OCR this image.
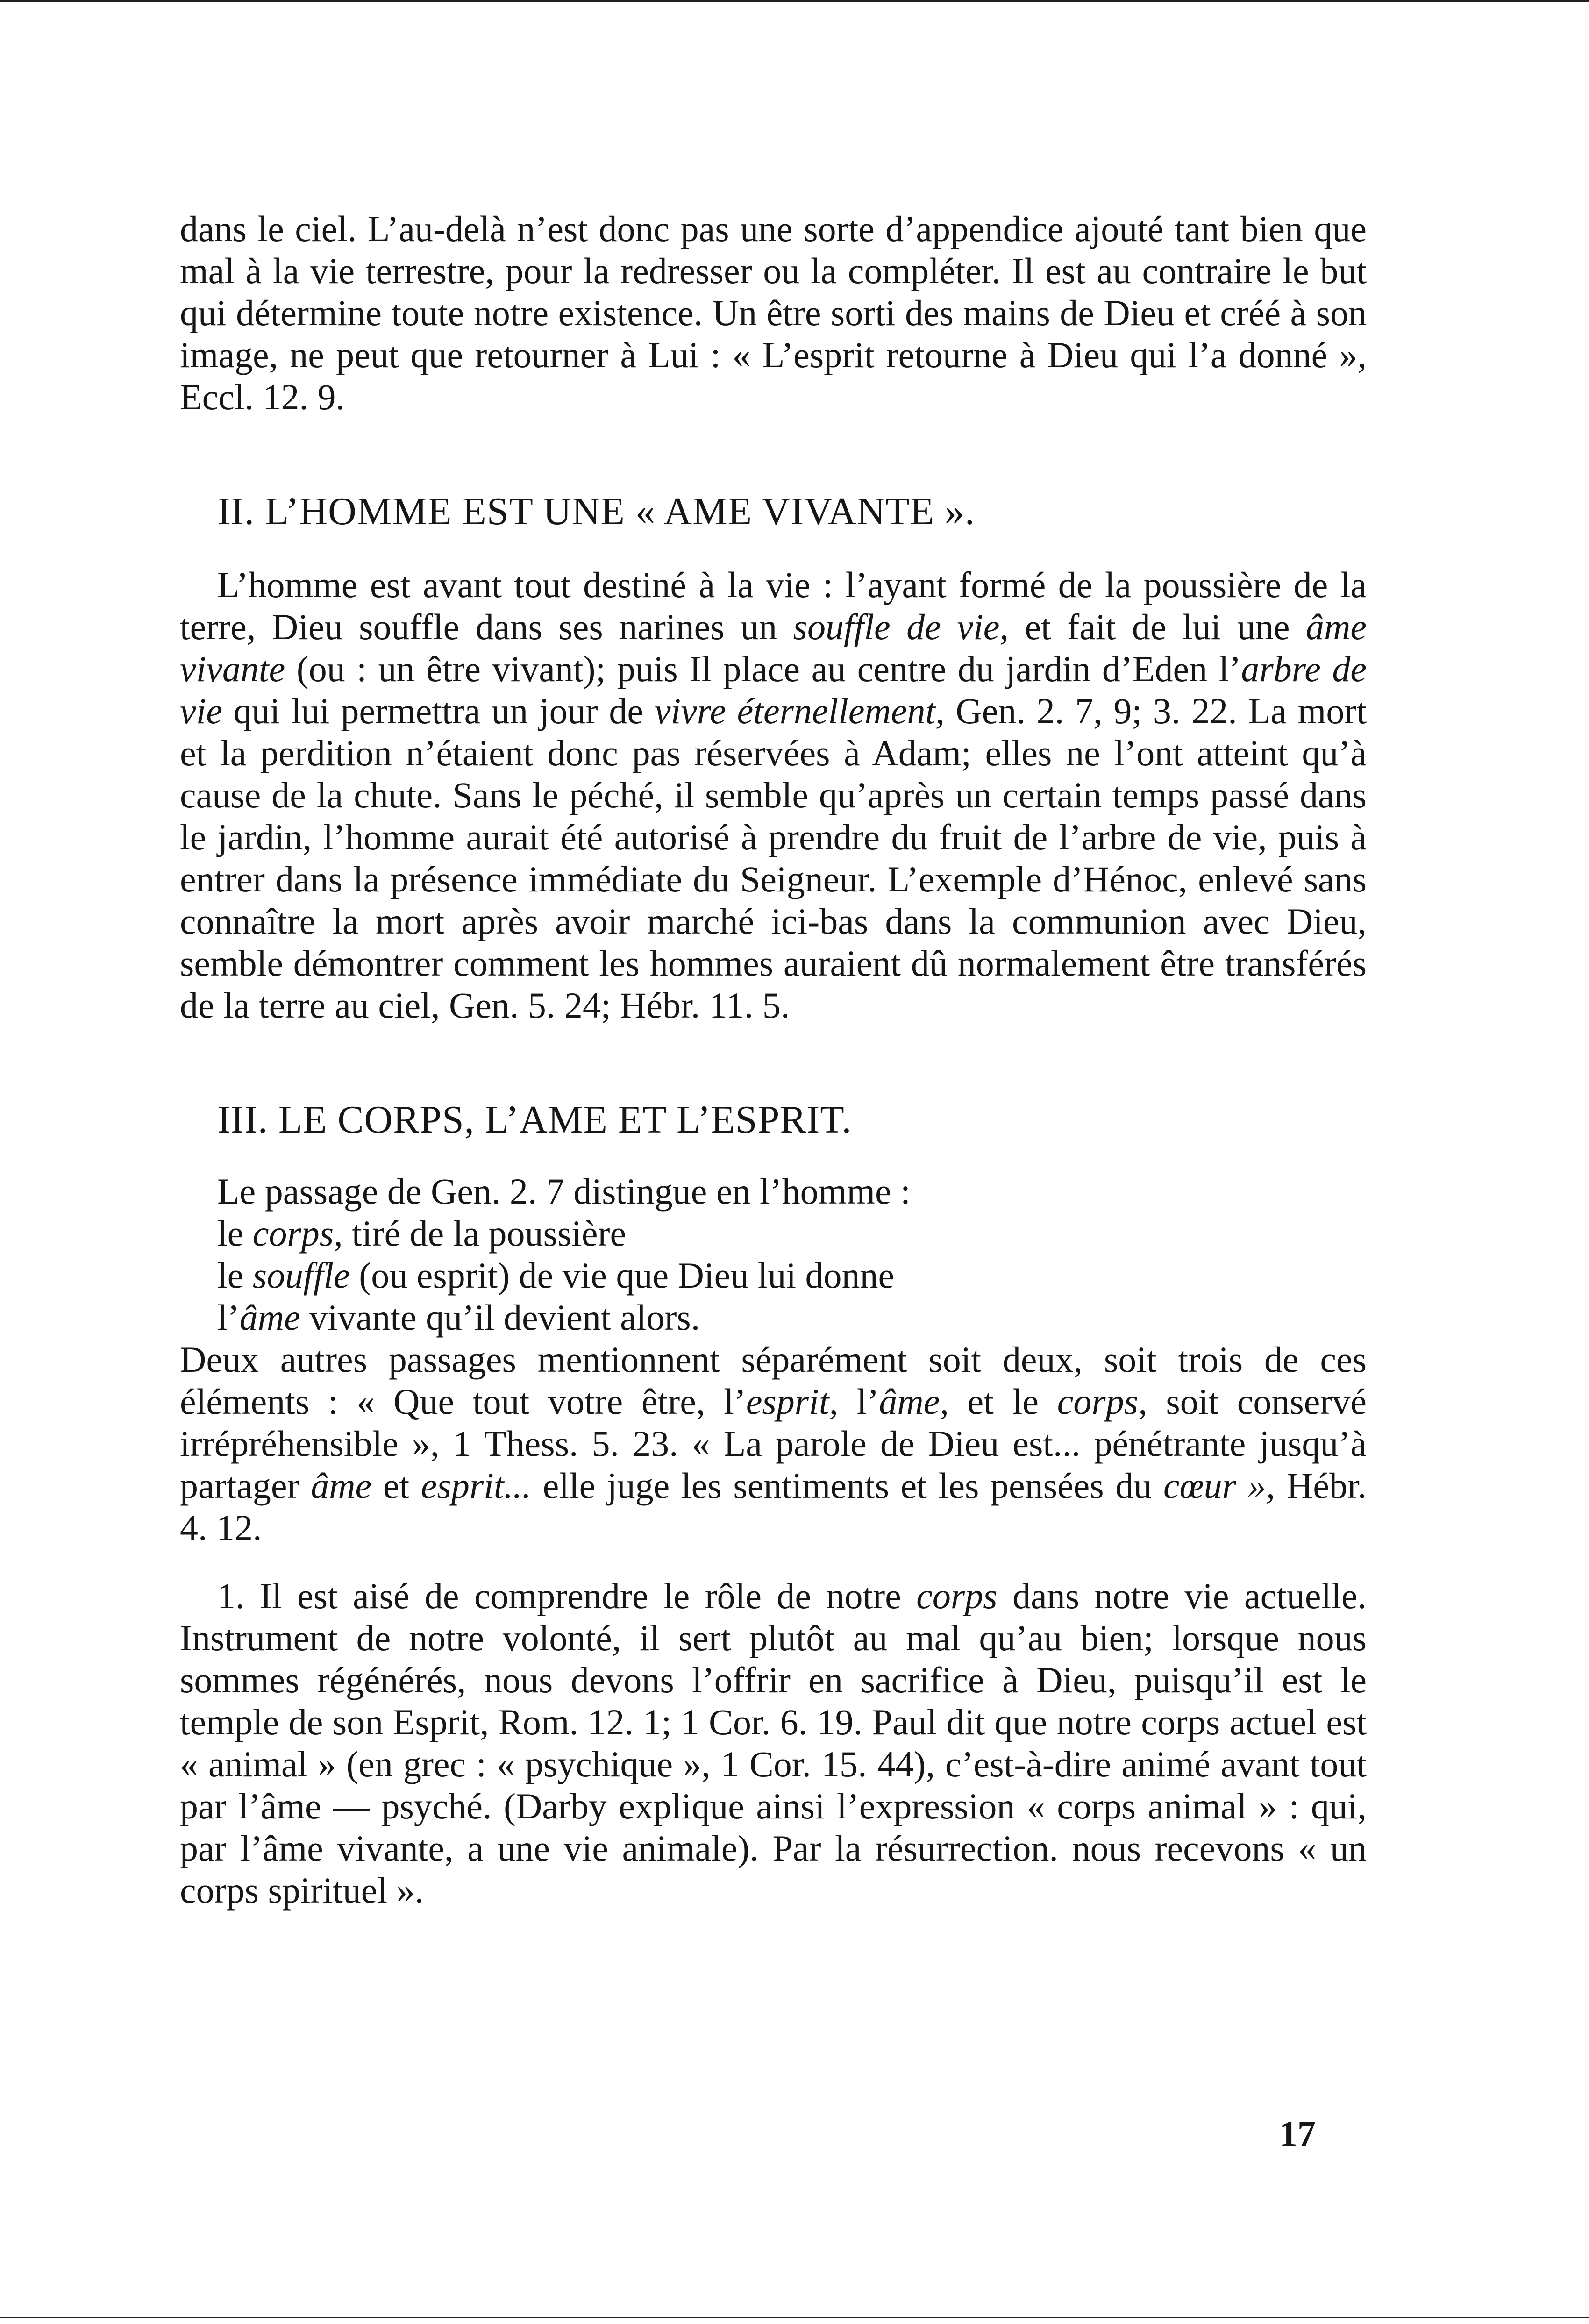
dans le ciel. L’au-delà n’est donc pas une sorte d’appendice ajouté tant bien que mal à la vie terrestre, pour la redresser ou la compléter. Il est au contraire le but qui détermine toute notre existence. Un être sorti des mains de Dieu et créé à son image, ne peut que retourner à Lui : « L’esprit retourne à Dieu qui l’a donné », Eccl. 12. 9.

II. L’HOMME EST UNE « AME VIVANTE ».

L’homme est avant tout destiné à la vie : l’ayant formé de la poussière de la terre, Dieu souffle dans ses narines un souffle de vie, et fait de lui une âme vivante (ou : un être vivant); puis Il place au centre du jardin d’Eden l’arbre de vie qui lui permettra un jour de vivre éternellement, Gen. 2. 7, 9; 3. 22. La mort et la perdition n’étaient donc pas réservées à Adam; elles ne l’ont atteint qu’à cause de la chute. Sans le péché, il semble qu’après un certain temps passé dans le jardin, l’homme aurait été autorisé à prendre du fruit de l’arbre de vie, puis à entrer dans la présence immédiate du Seigneur. L’exemple d’Hénoc, enlevé sans connaître la mort après avoir marché ici-bas dans la communion avec Dieu, semble démontrer comment les hommes auraient dû normalement être transférés de la terre au ciel, Gen. 5. 24; Hébr. 11. 5.

III. LE CORPS, L’AME ET L’ESPRIT.

Le passage de Gen. 2. 7 distingue en l’homme :

le corps, tiré de la poussière

le souffle (ou esprit) de vie que Dieu lui donne

l’âme vivante qu’il devient alors.

Deux autres passages mentionnent séparément soit deux, soit trois de ces éléments : « Que tout votre être, l’esprit, l’âme, et le corps, soit conservé irrépréhensible », 1 Thess. 5. 23. « La parole de Dieu est... pénétrante jusqu’à partager âme et esprit... elle juge les sentiments et les pensées du cœur », Hébr. 4. 12.

1. Il est aisé de comprendre le rôle de notre corps dans notre vie actuelle. Instrument de notre volonté, il sert plutôt au mal qu’au bien; lorsque nous sommes régénérés, nous devons l’offrir en sacrifice à Dieu, puisqu’il est le temple de son Esprit, Rom. 12. 1; 1 Cor. 6. 19. Paul dit que notre corps actuel est « animal » (en grec : « psychique », 1 Cor. 15. 44), c’est-à-dire animé avant tout par l’âme — psyché. (Darby explique ainsi l’expression « corps animal » : qui, par l’âme vivante, a une vie animale). Par la résurrection. nous recevons « un corps spirituel ».

17
